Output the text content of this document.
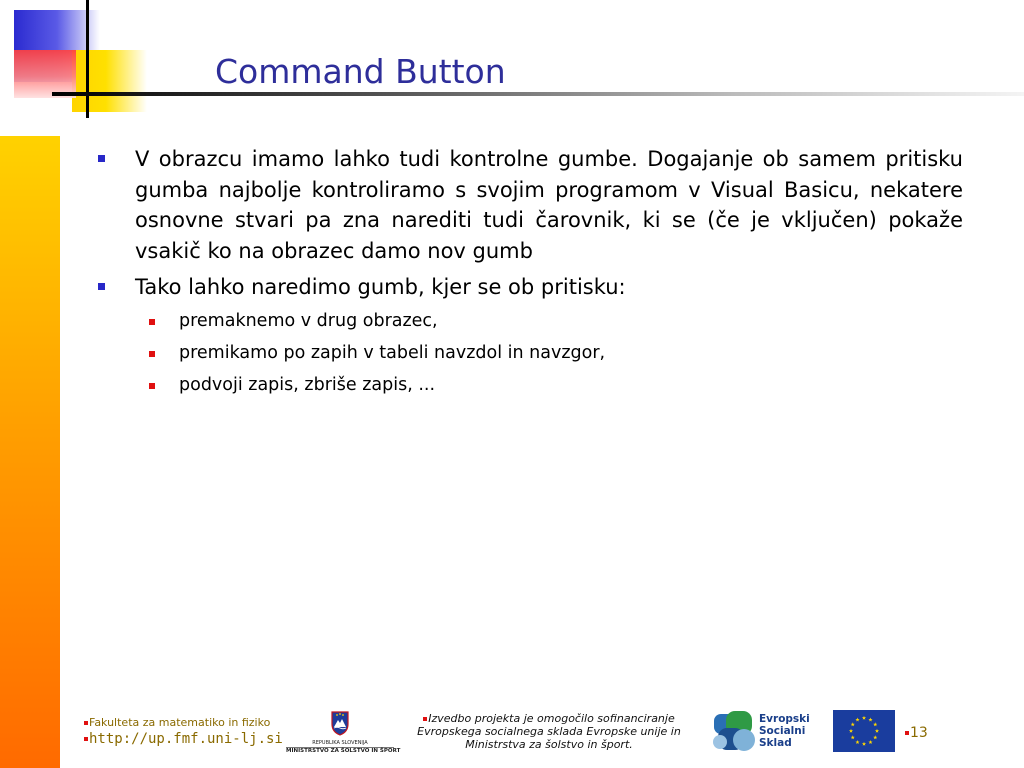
Command Button
V obrazcu imamo lahko tudi kontrolne gumbe. Dogajanje ob samem pritisku gumba najbolje kontroliramo s svojim programom v Visual Basicu, nekatere osnovne stvari pa zna narediti tudi čarovnik, ki se (če je vključen) pokaže vsakič ko na obrazec damo nov gumb
Tako lahko naredimo gumb, kjer se ob pritisku:
premaknemo v drug obrazec,
premikamo po zapih v tabeli navzdol in navzgor,
podvoji zapis, zbriše zapis, ...
Fakulteta za matematiko in fiziko
http://up.fmf.uni-lj.si	REPUBLIKA SLOVENIJA
MINISTRSTVO ZA ŠOLSTVO IN ŠPORT
Izvedbo projekta je omogočilo sofinanciranje Evropskega socialnega sklada Evropske unije in Ministrstva za šolstvo in šport.
Evropski
Socialni
Sklad
13
